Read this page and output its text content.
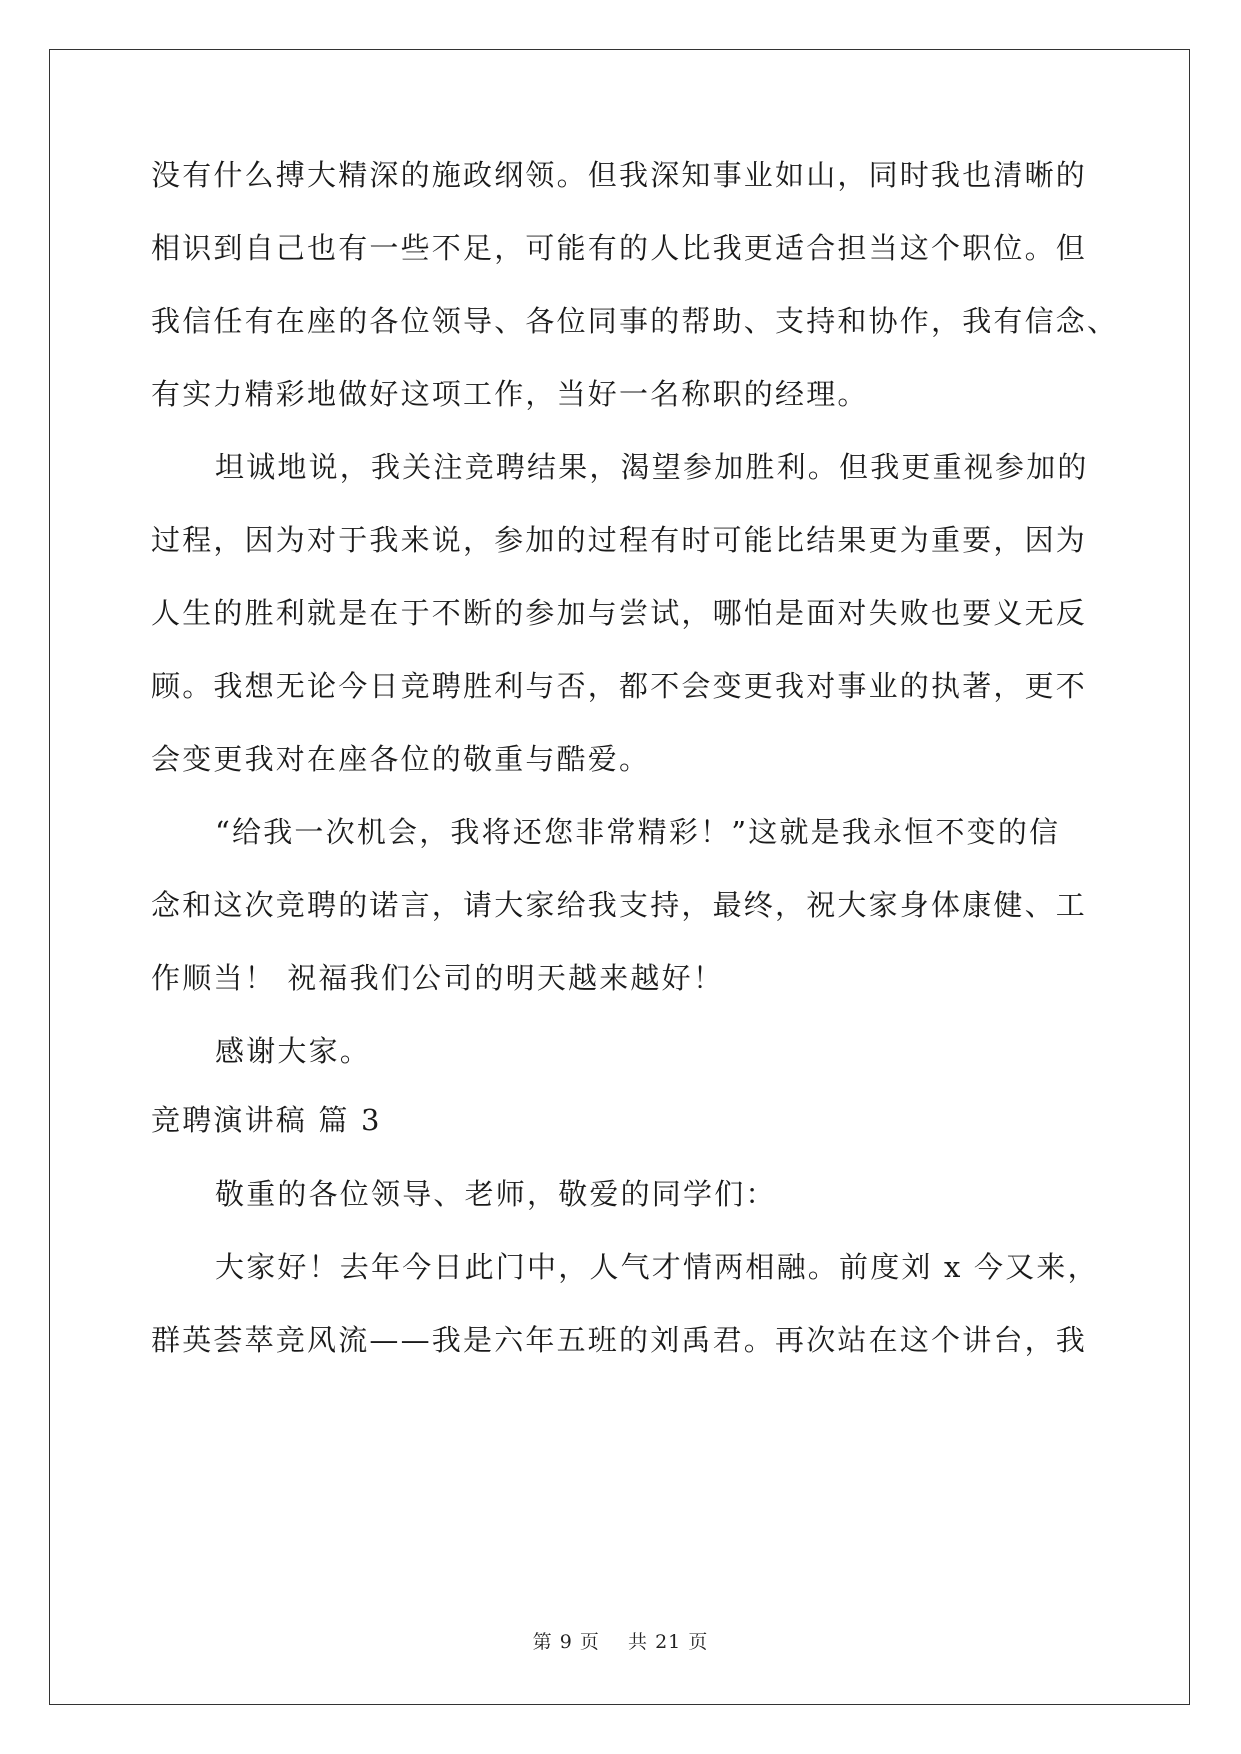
没有什么搏大精深的施政纲领。但我深知事业如山，同时我也清晰的
相识到自己也有一些不足，可能有的人比我更适合担当这个职位。但
我信任有在座的各位领导、各位同事的帮助、支持和协作，我有信念、
有实力精彩地做好这项工作，当好一名称职的经理。
坦诚地说，我关注竞聘结果，渴望参加胜利。但我更重视参加的
过程，因为对于我来说，参加的过程有时可能比结果更为重要，因为
人生的胜利就是在于不断的参加与尝试，哪怕是面对失败也要义无反
顾。我想无论今日竞聘胜利与否，都不会变更我对事业的执著，更不
会变更我对在座各位的敬重与酷爱。
“给我一次机会，我将还您非常精彩！”这就是我永恒不变的信
念和这次竞聘的诺言，请大家给我支持，最终，祝大家身体康健、工
作顺当！ 祝福我们公司的明天越来越好！
感谢大家。
竞聘演讲稿 篇 3
敬重的各位领导、老师，敬爱的同学们：
大家好！去年今日此门中，人气才情两相融。前度刘 x 今又来，
群英荟萃竞风流——我是六年五班的刘禹君。再次站在这个讲台，我
第 9 页 共 21 页
